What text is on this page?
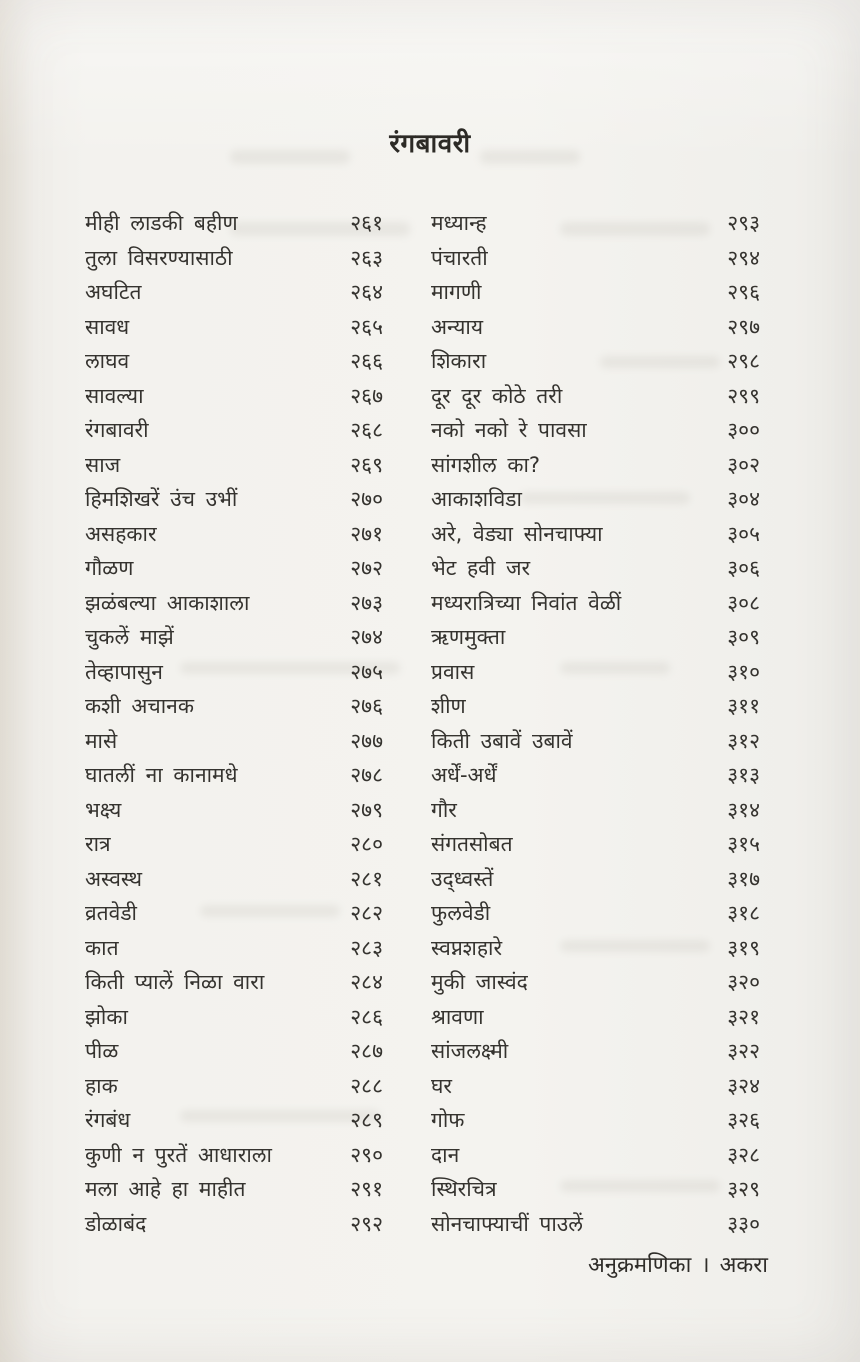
रंगबावरी
मीही लाडकी बहीण	२६१
तुला विसरण्यासाठी	२६३
अघटित	२६४
सावध	२६५
लाघव	२६६
सावल्या	२६७
रंगबावरी	२६८
साज	२६९
हिमशिखरें उंच उभीं	२७०
असहकार	२७१
गौळण	२७२
झळंबल्या आकाशाला	२७३
चुकलें माझें	२७४
तेव्हापासुन	२७५
कशी अचानक	२७६
मासे	२७७
घातलीं ना कानामधे	२७८
भक्ष्य	२७९
रात्र	२८०
अस्वस्थ	२८१
व्रतवेडी	२८२
कात	२८३
किती प्यालें निळा वारा	२८४
झोका	२८६
पीळ	२८७
हाक	२८८
रंगबंध	२८९
कुणी न पुरतें आधाराला	२९०
मला आहे हा माहीत	२९१
डोळाबंद	२९२
मध्यान्ह	२९३
पंचारती	२९४
मागणी	२९६
अन्याय	२९७
शिकारा	२९८
दूर दूर कोठे तरी	२९९
नको नको रे पावसा	३००
सांगशील का?	३०२
आकाशविडा	३०४
अरे, वेड्या सोनचाफ्या	३०५
भेट हवी जर	३०६
मध्यरात्रिच्या निवांत वेळीं	३०८
ऋणमुक्ता	३०९
प्रवास	३१०
शीण	३११
किती उबावें उबावें	३१२
अर्धें-अर्धें	३१३
गौर	३१४
संगतसोबत	३१५
उद्ध्वस्तें	३१७
फुलवेडी	३१८
स्वप्नशहारे	३१९
मुकी जास्वंद	३२०
श्रावणा	३२१
सांजलक्ष्मी	३२२
घर	३२४
गोफ	३२६
दान	३२८
स्थिरचित्र	३२९
सोनचाफ्याचीं पाउलें	३३०
अनुक्रमणिका । अकरा
